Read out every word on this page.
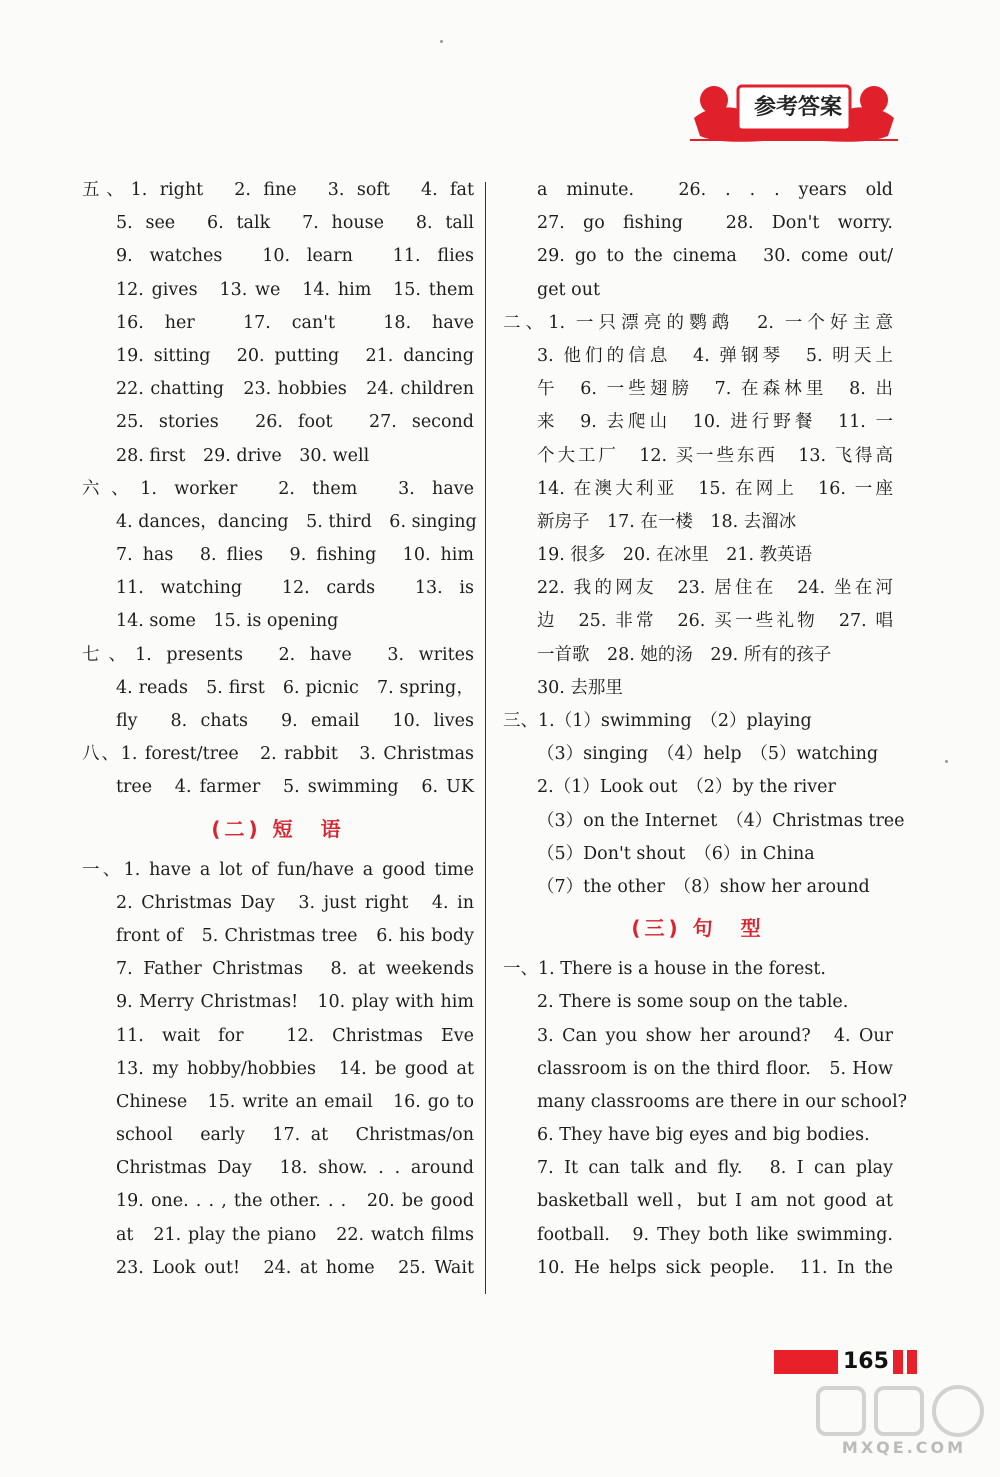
参考答案
五、1. right　2. fine　3. soft　4. fat
5. see　6. talk　7. house　8. tall
9. watches　10. learn　11. flies
12. gives　13. we　14. him　15. them
16. her　17. can't　18. have
19. sitting　20. putting　21. dancing
22. chatting　23. hobbies　24. children
25. stories　26. foot　27. second
28. first　29. drive　30. well
六、1. worker　2. them　3. have
4. dances，dancing　5. third　6. singing
7. has　8. flies　9. fishing　10. him
11. watching　12. cards　13. is
14. some　15. is opening
七、1. presents　2. have　3. writes
4. reads　5. first　6. picnic　7. spring，
fly　8. chats　9. email　10. lives
八、1. forest/tree　2. rabbit　3. Christmas
tree　4. farmer　5. swimming　6. UK
(二) 短　语
一、1. have a lot of fun/have a good time
2. Christmas Day　3. just right　4. in
front of　5. Christmas tree　6. his body
7. Father Christmas　8. at weekends
9. Merry Christmas!　10. play with him
11. wait for　12. Christmas Eve
13. my hobby/hobbies　14. be good at
Chinese　15. write an email　16. go to
school　early　17. at　Christmas/on
Christmas Day　18. show. . . around
19. one. . . , the other. . .　20. be good
at　21. play the piano　22. watch films
23. Look out!　24. at home　25. Wait
a minute.　26. . . . years old
27. go fishing　28. Don't worry.
29. go to the cinema　30. come out/
get out
二、1. 一只漂亮的鹦鹉　2. 一个好主意
3. 他们的信息　4. 弹钢琴　5. 明天上
午　6. 一些翅膀　7. 在森林里　8. 出
来　9. 去爬山　10. 进行野餐　11. 一
个大工厂　12. 买一些东西　13. 飞得高
14. 在澳大利亚　15. 在网上　16. 一座
新房子　17. 在一楼　18. 去溜冰
19. 很多　20. 在冰里　21. 教英语
22. 我的网友　23. 居住在　24. 坐在河
边　25. 非常　26. 买一些礼物　27. 唱
一首歌　28. 她的汤　29. 所有的孩子
30. 去那里
三、1.（1）swimming　（2）playing
（3）singing　（4）help　（5）watching
2.（1）Look out　（2）by the river
（3）on the Internet　（4）Christmas tree
（5）Don't shout　（6）in China
（7）the other　（8）show her around
(三) 句　型
一、1. There is a house in the forest.
2. There is some soup on the table.
3. Can you show her around?　4. Our
classroom is on the third floor.　5. How
many classrooms are there in our school?
6. They have big eyes and big bodies.
7. It can talk and fly.　8. I can play
basketball well，but I am not good at
football.　9. They both like swimming.
10. He helps sick people.　11. In the
165
MXQE.COM
